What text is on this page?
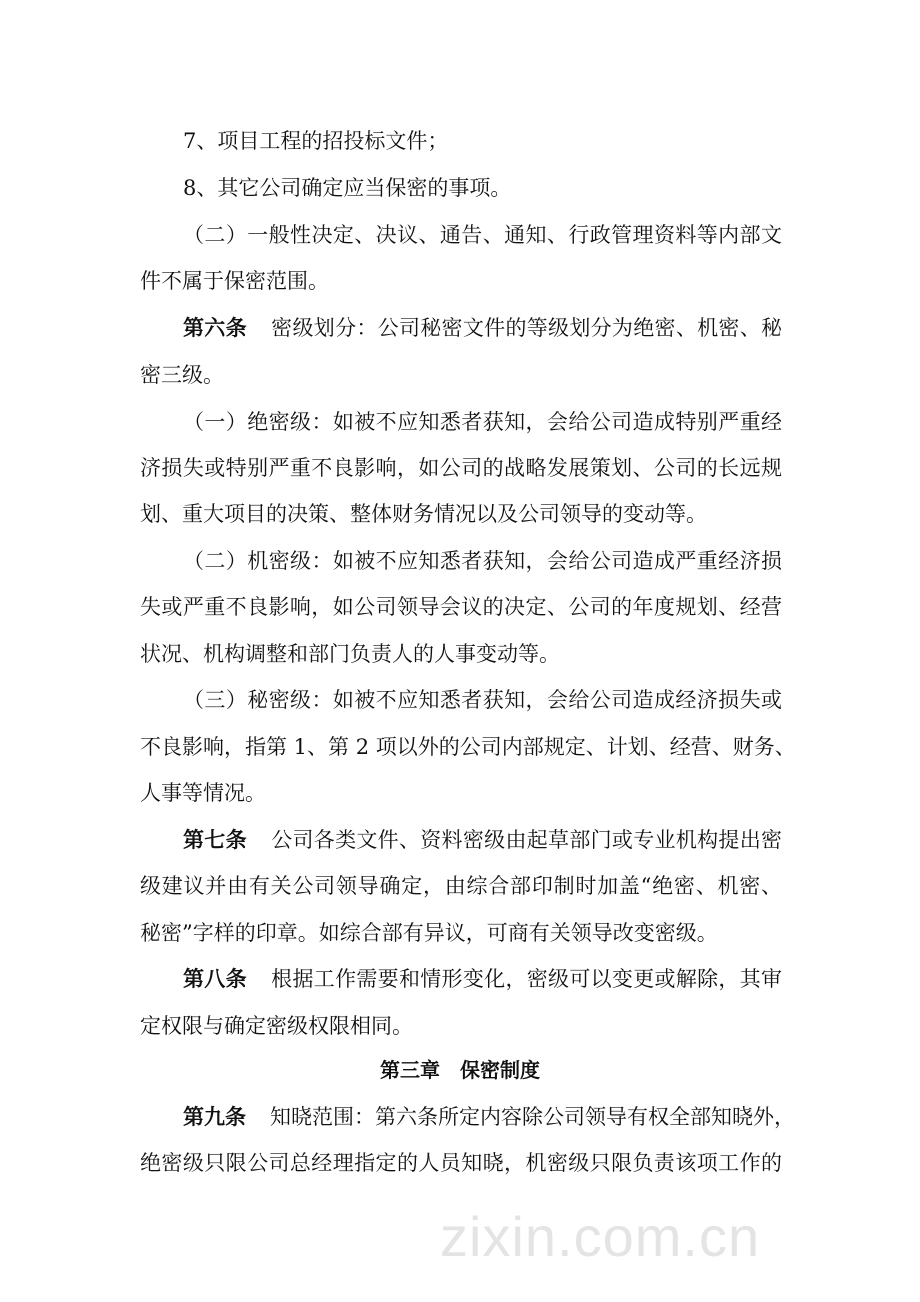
zixin.com.cn
7、项目工程的招投标文件；
8、其它公司确定应当保密的事项。
（二）一般性决定、决议、通告、通知、行政管理资料等内部文
件不属于保密范围。
第六条 密级划分：公司秘密文件的等级划分为绝密、机密、秘
密三级。
（一）绝密级：如被不应知悉者获知，会给公司造成特别严重经
济损失或特别严重不良影响，如公司的战略发展策划、公司的长远规
划、重大项目的决策、整体财务情况以及公司领导的变动等。
（二）机密级：如被不应知悉者获知，会给公司造成严重经济损
失或严重不良影响，如公司领导会议的决定、公司的年度规划、经营
状况、机构调整和部门负责人的人事变动等。
（三）秘密级：如被不应知悉者获知，会给公司造成经济损失或
不良影响，指第 1、第 2 项以外的公司内部规定、计划、经营、财务、
人事等情况。
第七条 公司各类文件、资料密级由起草部门或专业机构提出密
级建议并由有关公司领导确定，由综合部印制时加盖“绝密、机密、
秘密”字样的印章。如综合部有异议，可商有关领导改变密级。
第八条 根据工作需要和情形变化，密级可以变更或解除，其审
定权限与确定密级权限相同。
第三章　保密制度
第九条 知晓范围：第六条所定内容除公司领导有权全部知晓外，
绝密级只限公司总经理指定的人员知晓，机密级只限负责该项工作的
